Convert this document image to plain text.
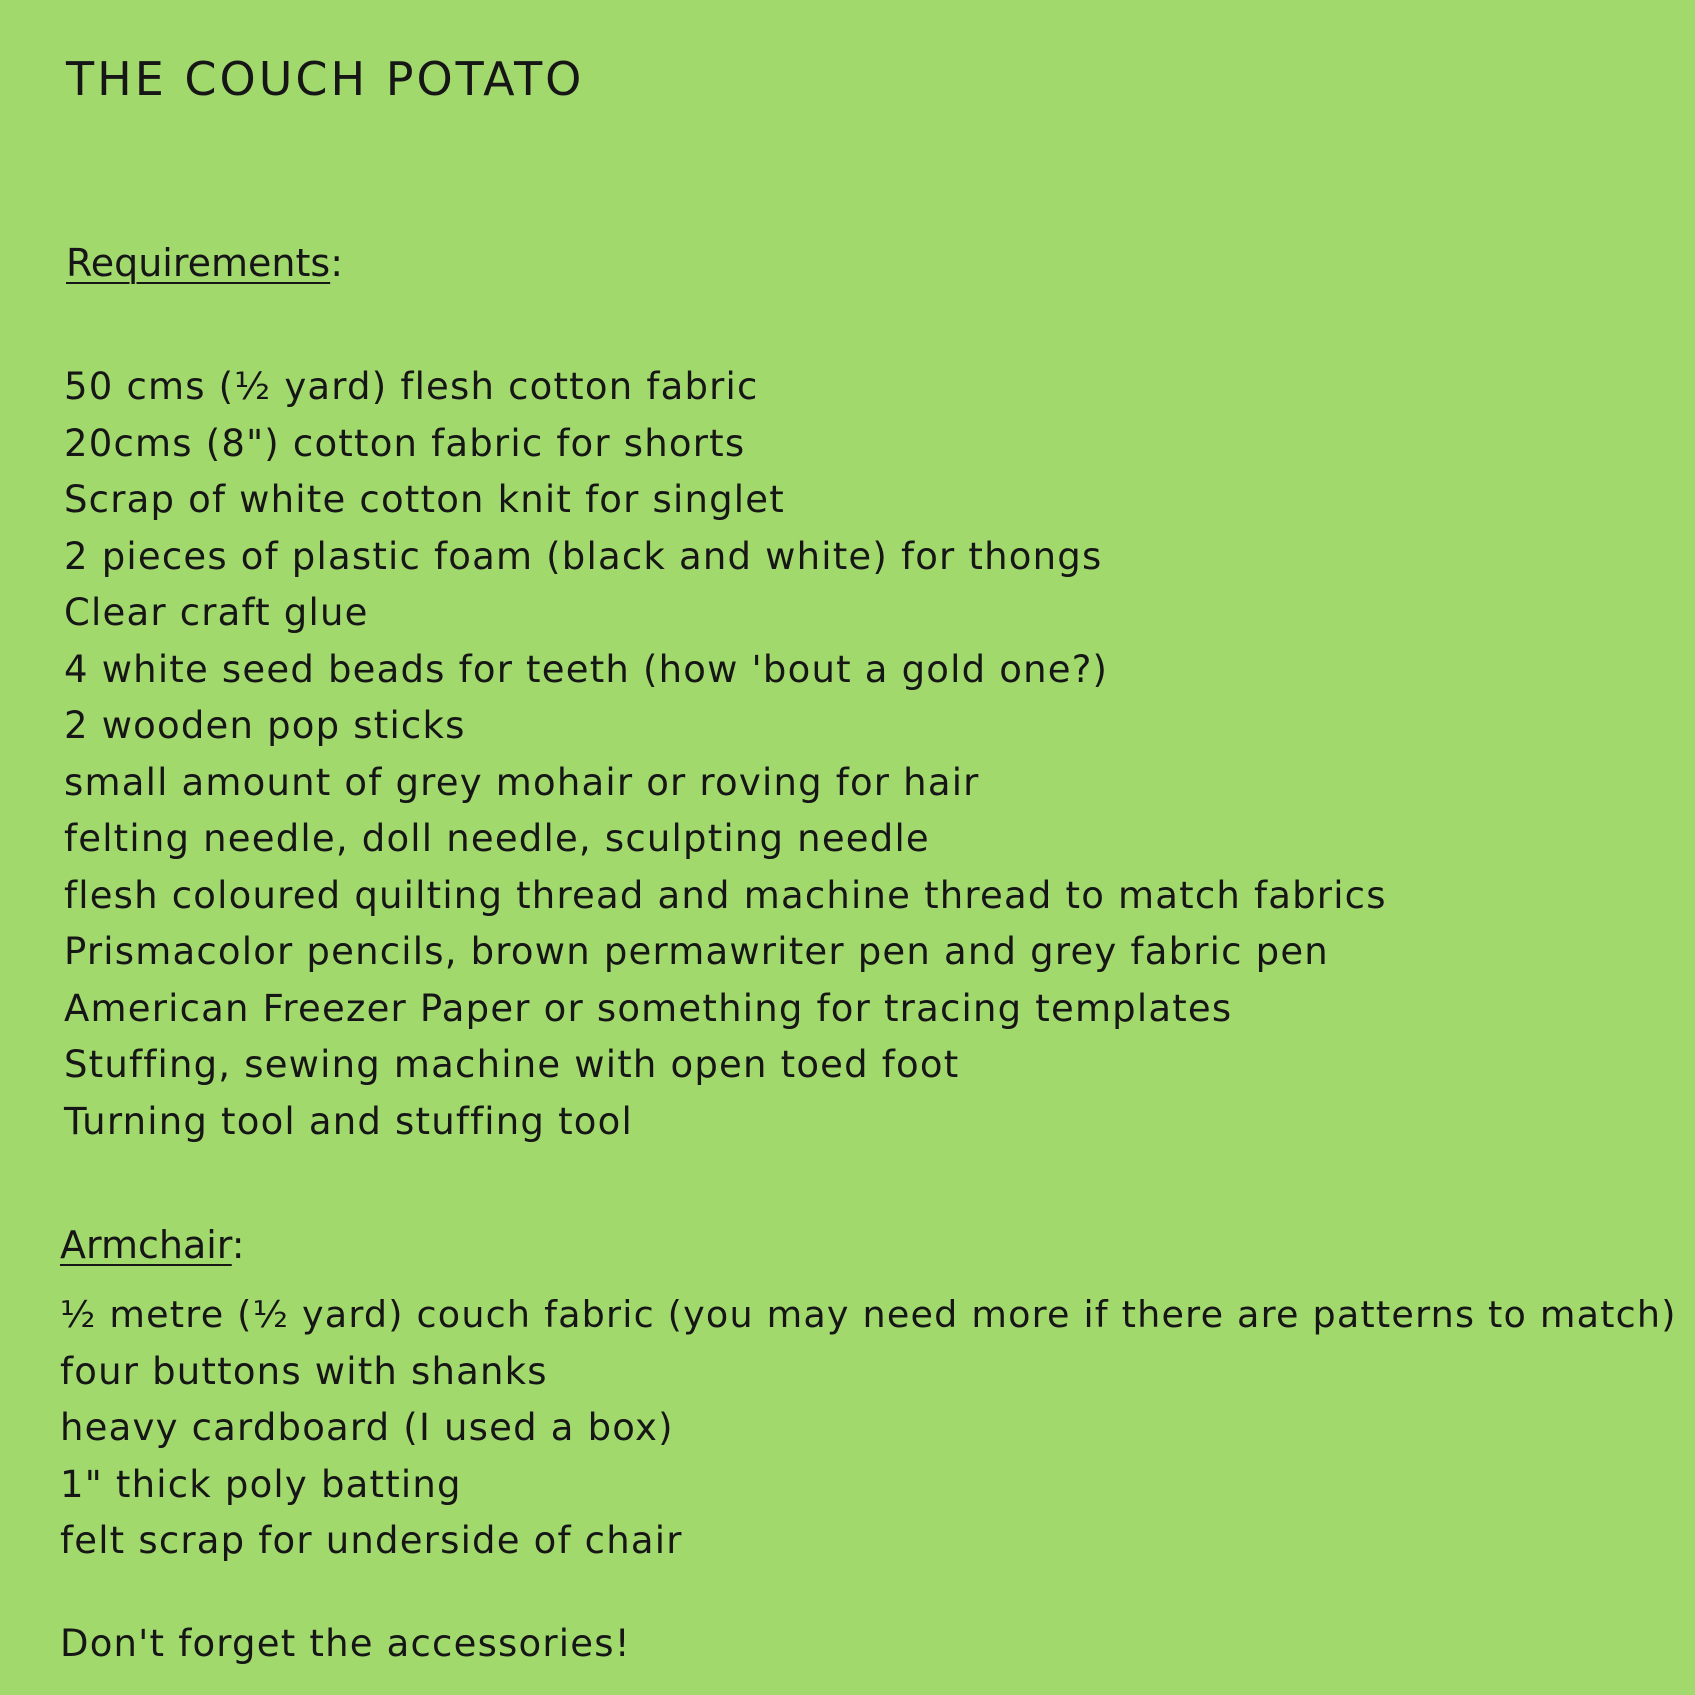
THE COUCH POTATO
Requirements:
50 cms (½ yard) flesh cotton fabric
20cms (8") cotton fabric for shorts
Scrap of white cotton knit for singlet
2 pieces of plastic foam (black and white) for thongs
Clear craft glue
4 white seed beads for teeth (how 'bout a gold one?)
2 wooden pop sticks
small amount of grey mohair or roving for hair
felting needle, doll needle, sculpting needle
flesh coloured quilting thread and machine thread to match fabrics
Prismacolor pencils, brown permawriter pen and grey fabric pen
American Freezer Paper or something for tracing templates
Stuffing, sewing machine with open toed foot
Turning tool and stuffing tool
Armchair:
½ metre (½ yard) couch fabric (you may need more if there are patterns to match)
four buttons with shanks
heavy cardboard (I used a box)
1" thick poly batting
felt scrap for underside of chair

Don't forget the accessories!
